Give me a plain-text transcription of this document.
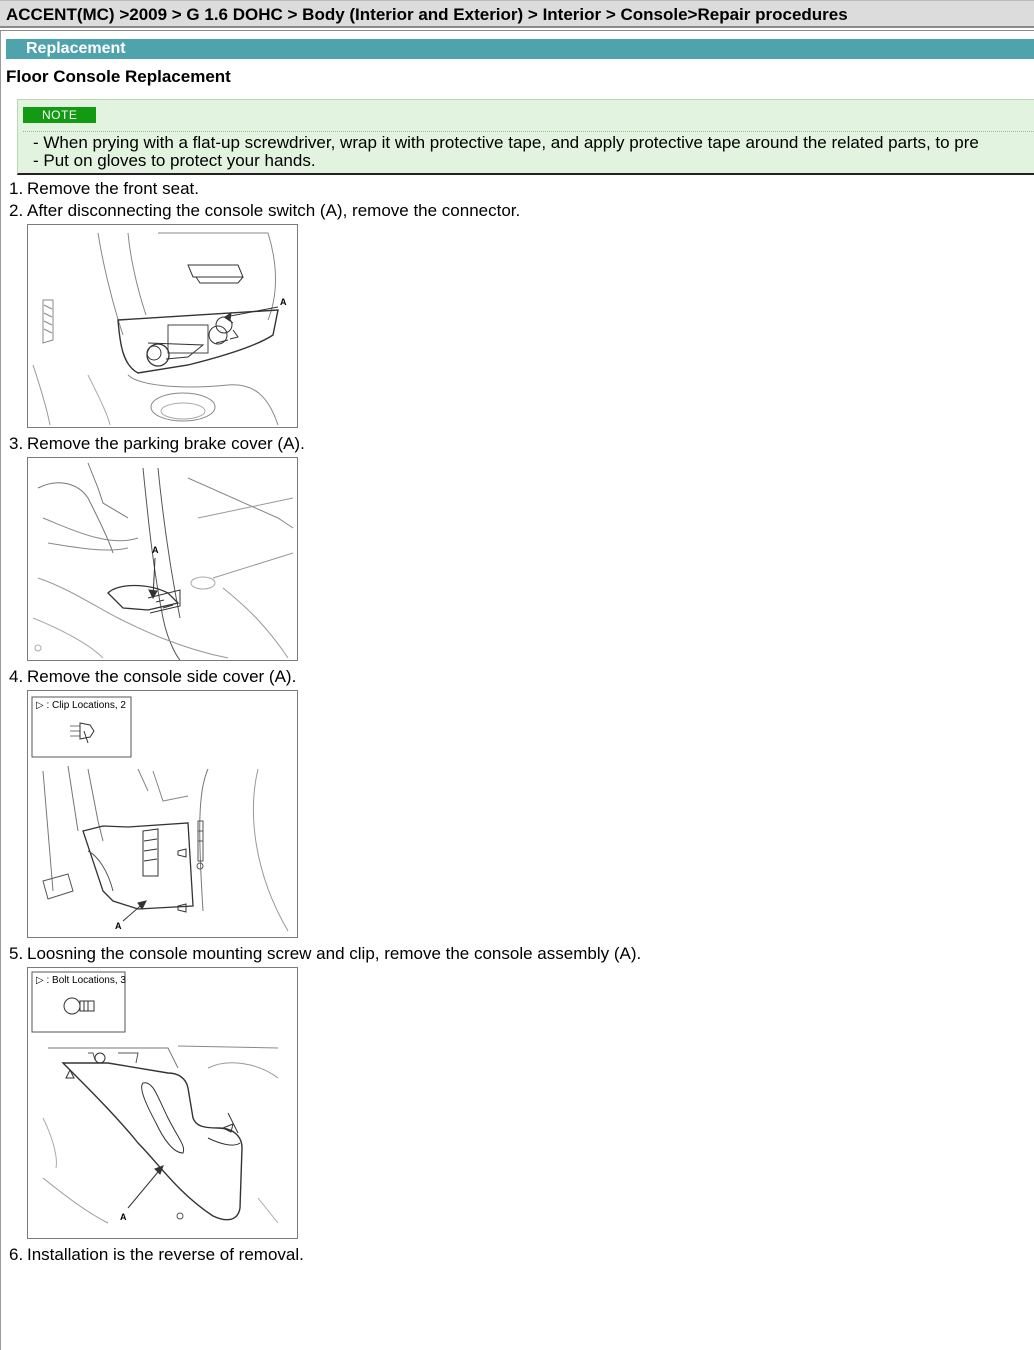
ACCENT(MC) >2009 > G 1.6 DOHC > Body (Interior and Exterior) > Interior > Console>Repair procedures
Replacement
Floor Console Replacement
NOTE
- When prying with a flat-up screwdriver, wrap it with protective tape, and apply protective tape around the related parts, to pre
- Put on gloves to protect your hands.
1. Remove the front seat.
2. After disconnecting the console switch (A), remove the connector.
A
3. Remove the parking brake cover (A).
A
4. Remove the console side cover (A).
▷ : Clip Locations, 2
A
5. Loosning the console mounting screw and clip, remove the console assembly (A).
▷ : Bolt Locations, 3
A
6. Installation is the reverse of removal.
